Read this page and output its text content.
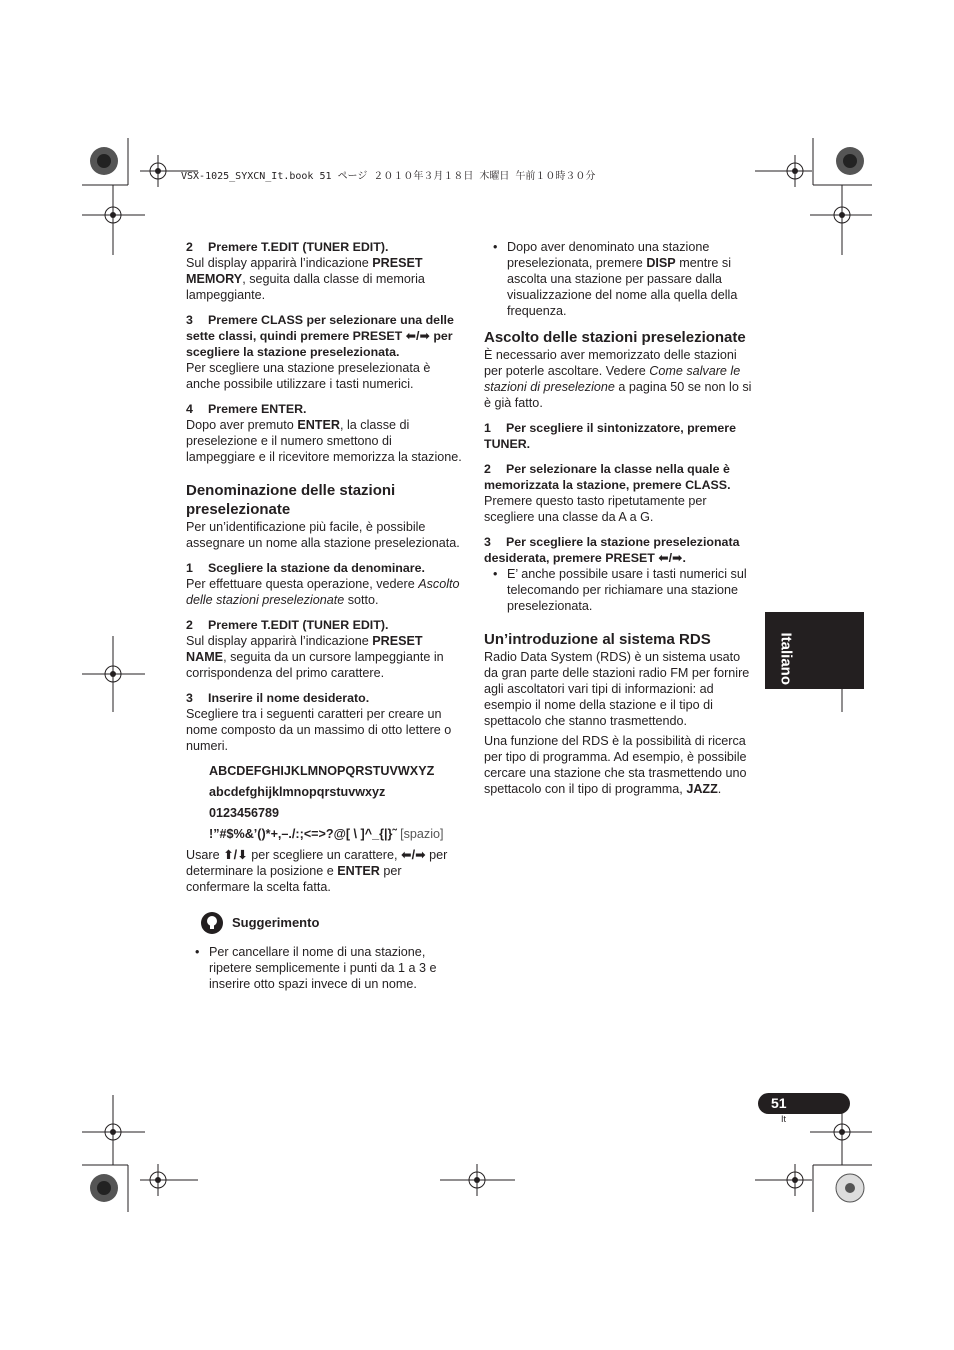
VSX-1025_SYXCN_It.book 51 ページ ２０１０年３月１８日 木曜日 午前１０時３０分
2 Premere T.EDIT (TUNER EDIT).

Sul display apparirà l’indicazione PRESET MEMORY, seguita dalla classe di memoria lampeggiante.

3 Premere CLASS per selezionare una delle sette classi, quindi premere PRESET ⬅/➡ per scegliere la stazione preselezionata.

Per scegliere una stazione preselezionata è anche possibile utilizzare i tasti numerici.

4 Premere ENTER.

Dopo aver premuto ENTER, la classe di preselezione e il numero smettono di lampeggiare e il ricevitore memorizza la stazione.

Denominazione delle stazioni preselezionate

Per un’identificazione più facile, è possibile assegnare un nome alla stazione preselezionata.

1 Scegliere la stazione da denominare.

Per effettuare questa operazione, vedere Ascolto delle stazioni preselezionate sotto.

2 Premere T.EDIT (TUNER EDIT).

Sul display apparirà l’indicazione PRESET NAME, seguita da un cursore lampeggiante in corrispondenza del primo carattere.

3 Inserire il nome desiderato.

Scegliere tra i seguenti caratteri per creare un nome composto da un massimo di otto lettere o numeri.

ABCDEFGHIJKLMNOPQRSTUVWXYZ
abcdefghijklmnopqrstuvwxyz
0123456789
!”#$%&’()*+,–./:;<=>?@[ \ ]^_{|}˜ [spazio]

Usare ⬆/⬇ per scegliere un carattere, ⬅/➡ per determinare la posizione e ENTER per confermare la scelta fatta.

Suggerimento
• Per cancellare il nome di una stazione, ripetere semplicemente i punti da 1 a 3 e inserire otto spazi invece di un nome.
• Dopo aver denominato una stazione preselezionata, premere DISP mentre si ascolta una stazione per passare dalla visualizzazione del nome alla quella della frequenza.
Ascolto delle stazioni preselezionate

È necessario aver memorizzato delle stazioni per poterle ascoltare. Vedere Come salvare le stazioni di preselezione a pagina 50 se non lo si è già fatto.

1 Per scegliere il sintonizzatore, premere TUNER.
2 Per selezionare la classe nella quale è memorizzata la stazione, premere CLASS.

Premere questo tasto ripetutamente per scegliere una classe da A a G.

3 Per scegliere la stazione preselezionata desiderata, premere PRESET ⬅/➡.
• E’ anche possibile usare i tasti numerici sul telecomando per richiamare una stazione preselezionata.
Un’introduzione al sistema RDS

Radio Data System (RDS) è un sistema usato da gran parte delle stazioni radio FM per fornire agli ascoltatori vari tipi di informazioni: ad esempio il nome della stazione e il tipo di spettacolo che stanno trasmettendo.

Una funzione del RDS è la possibilità di ricerca per tipo di programma. Ad esempio, è possibile cercare una stazione che sta trasmettendo uno spettacolo con il tipo di programma, JAZZ.

Italiano
51
It
